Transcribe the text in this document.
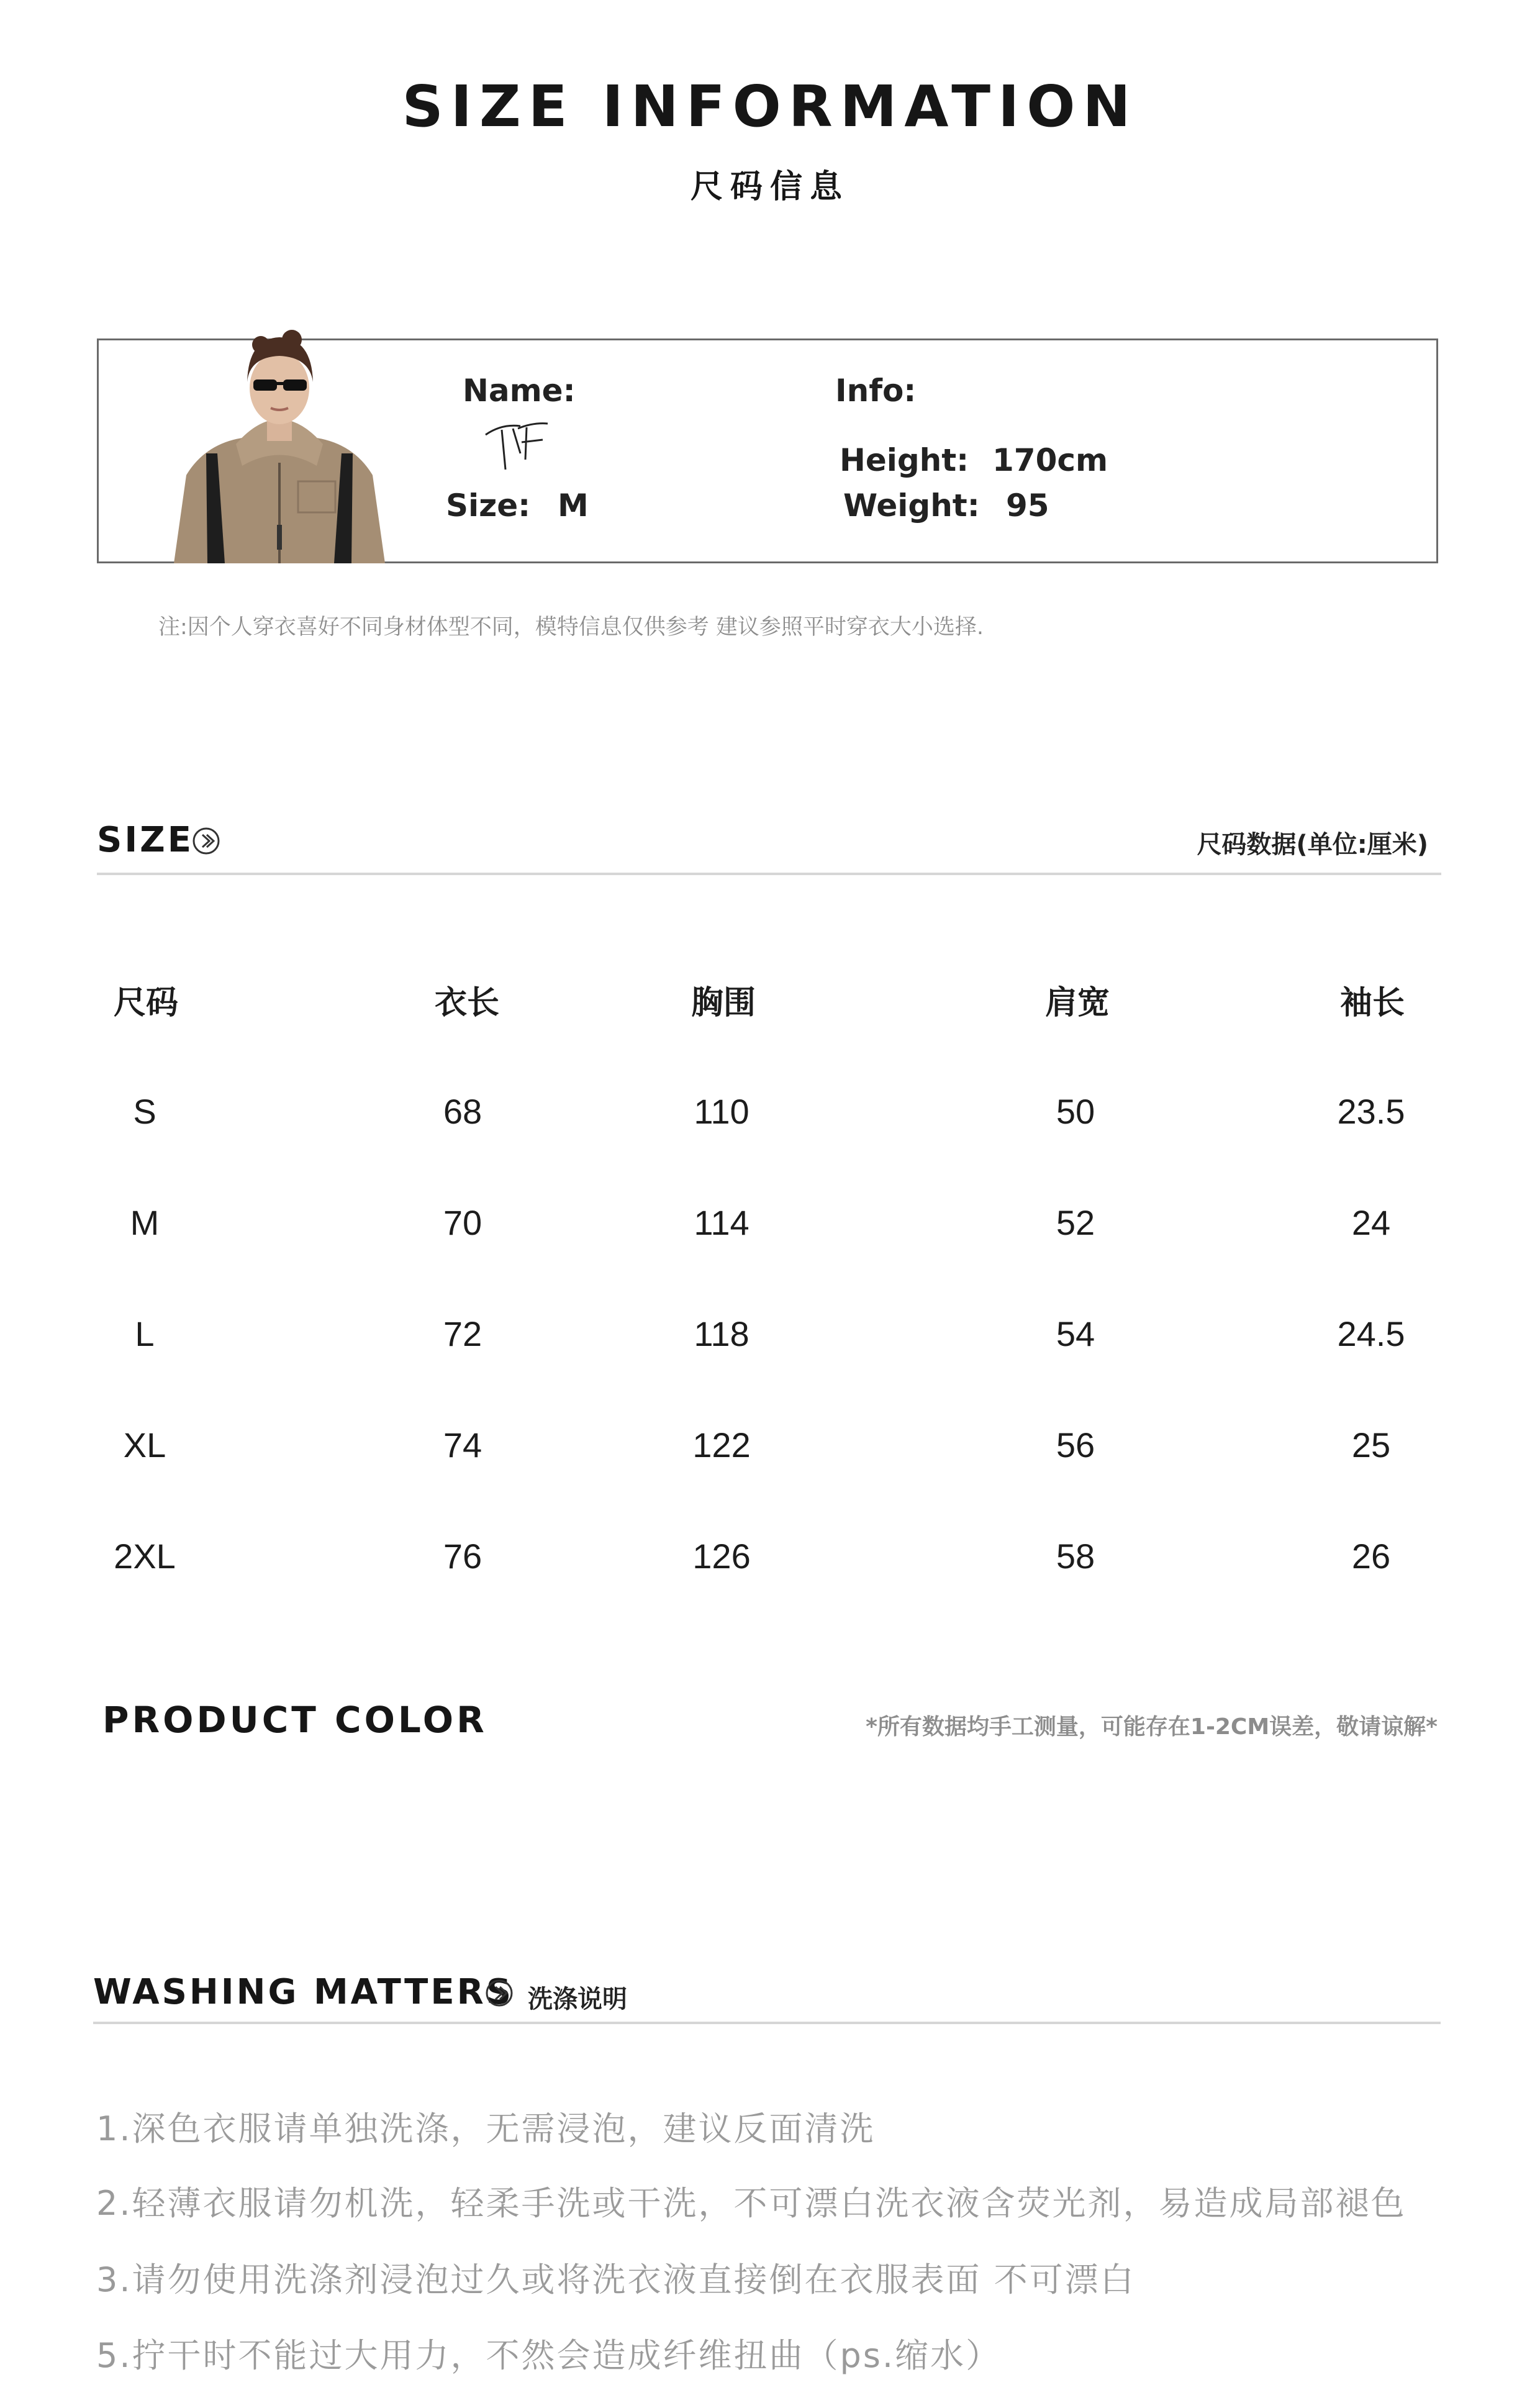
SIZE INFORMATION
尺码信息
Name:
Size: M
Info:
Height: 170cm
Weight: 95
注:因个人穿衣喜好不同身材体型不同，模特信息仅供参考 建议参照平时穿衣大小选择.
SIZE	尺码数据(单位:厘米)
尺码	衣长	胸围	肩宽	袖长
S	68	110	50	23.5
M	70	114	52	24
L	72	118	54	24.5
XL	74	122	56	25
2XL	76	126	58	26
PRODUCT COLOR	*所有数据均手工测量，可能存在1-2CM误差，敬请谅解*
WASHING MATTERS 洗涤说明
1.深色衣服请单独洗涤，无需浸泡，建议反面清洗
2.轻薄衣服请勿机洗，轻柔手洗或干洗，不可漂白洗衣液含荧光剂，易造成局部褪色
3.请勿使用洗涤剂浸泡过久或将洗衣液直接倒在衣服表面 不可漂白
5.拧干时不能过大用力，不然会造成纤维扭曲（ps.缩水）
